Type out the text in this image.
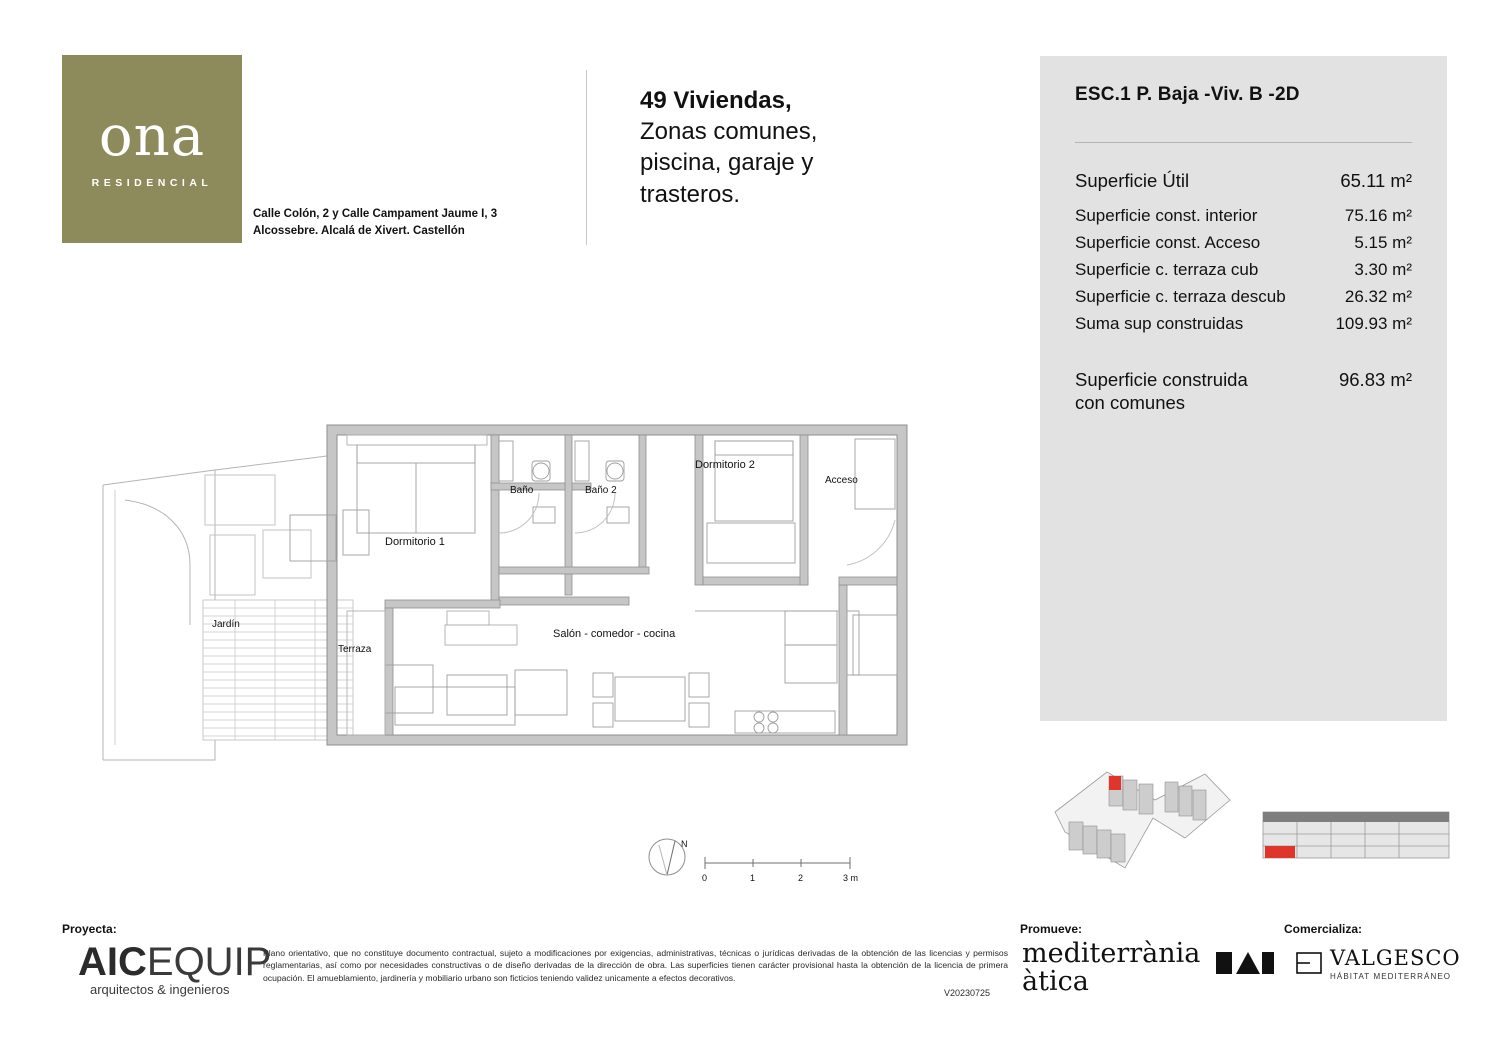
ona
RESIDENCIAL
Calle Colón, 2 y Calle Campament Jaume I, 3
Alcossebre. Alcalá de Xivert. Castellón
49 Viviendas,
Zonas comunes,
piscina, garaje y
trasteros.
ESC.1 P. Baja -Viv. B -2D
Superficie Útil	65.11 m²
Superficie const. interior	75.16 m²
Superficie const. Acceso	5.15 m²
Superficie c. terraza cub	3.30 m²
Superficie c. terraza descub	26.32 m²
Suma sup construidas	109.93 m²
Superficie construida
con comunes
96.83 m²
Dormitorio 1
Dormitorio 2
Baño	Baño 2
Acceso
Salón - comedor - cocina
Terraza
Jardín
N
0	1	2	3 m
Proyecta:
AICEQUIP
arquitectos & ingenieros
Plano orientativo, que no constituye documento contractual, sujeto a modificaciones por exigencias, administrativas, técnicas o jurídicas derivadas de la obtención de las licencias y permisos reglamentarias, así como por necesidades constructivas o de diseño derivadas de la dirección de obra. Las superficies tienen carácter provisional hasta la obtención de la licencia de primera ocupación. El amueblamiento, jardinería y mobiliario urbano son ficticios teniendo validez unicamente a efectos decorativos.
V20230725
Promueve:
mediterrània
àtica
Comercializa:
VALGESCO
HÁBITAT MEDITERRÁNEO
